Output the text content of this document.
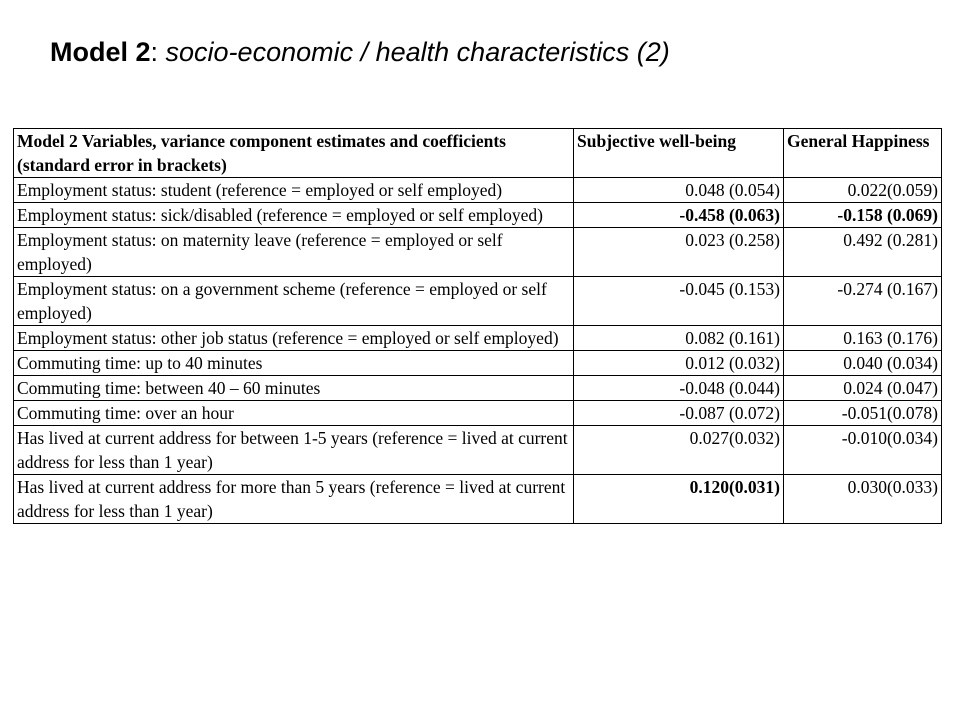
Model 2: socio-economic / health characteristics (2)
Model 2 Variables, variance component estimates and coefficients (standard error in brackets)	Subjective well-being	General Happiness
Employment status: student (reference = employed or self employed)	0.048 (0.054)	0.022(0.059)
Employment status: sick/disabled (reference = employed or self employed)	-0.458 (0.063)	-0.158 (0.069)
Employment status: on maternity leave (reference = employed or self employed)	0.023 (0.258)	0.492 (0.281)
Employment status: on a government scheme (reference = employed or self employed)	-0.045 (0.153)	-0.274 (0.167)
Employment status: other job status (reference = employed or self employed)	0.082 (0.161)	0.163 (0.176)
Commuting time: up to 40 minutes	0.012 (0.032)	0.040 (0.034)
Commuting time: between 40 – 60 minutes	-0.048 (0.044)	0.024 (0.047)
Commuting time: over an hour	-0.087 (0.072)	-0.051(0.078)
Has lived at current address for between 1-5 years (reference = lived at current address for less than 1 year)	0.027(0.032)	-0.010(0.034)
Has lived at current address for more than 5 years (reference = lived at current address for less than 1 year)	0.120(0.031)	0.030(0.033)
